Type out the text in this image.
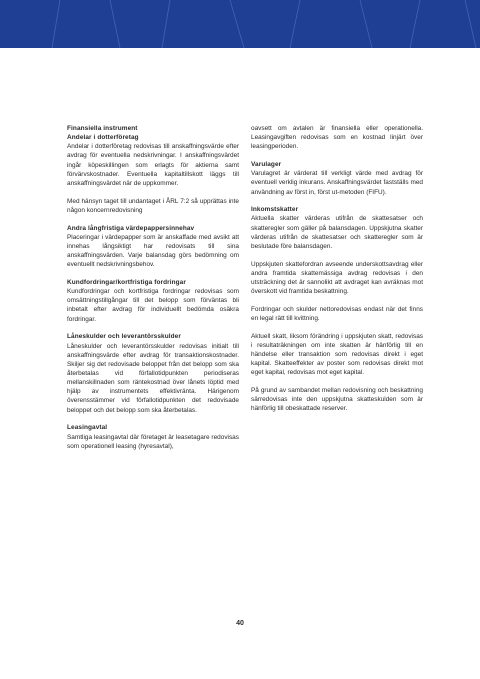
Finansiella instrument
Andelar i dotterföretag

Andelar i dotterföretag redovisas till anskaffningsvärde efter avdrag för eventuella nedskrivningar. I anskaffningsvärdet ingår köpeskillingen som erlagts för aktierna samt förvärvskostnader. Eventuella kapitaltillskott läggs till anskaffningsvärdet när de uppkommer.

Med hänsyn taget till undantaget i ÅRL 7:2 så upprättas inte någon koncernredovisning

Andra långfristiga värdepappersinnehav

Placeringar i värdepapper som är anskaffade med avsikt att innehas långsiktigt har redovisats till sina anskaffningsvärden. Varje balansdag görs bedömning om eventuellt nedskrivningsbehov.

Kundfordringar/kortfristiga fordringar

Kundfordringar och kortfristiga fordringar redovisas som omsättningstillgångar till det belopp som förväntas bli inbetalt efter avdrag för individuellt bedömda osäkra fordringar.

Låneskulder och leverantörsskulder

Låneskulder och leverantörsskulder redovisas initialt till anskaffningsvärde efter avdrag för transaktionskostnader. Skiljer sig det redovisade beloppet från det belopp som ska återbetalas vid förfallotidpunkten periodiseras mellanskillnaden som räntekostnad över lånets löptid med hjälp av instrumentets effektivränta. Härigenom överensstämmer vid förfallotidpunkten det redovisade beloppet och det belopp som ska återbetalas.

Leasingavtal

Samtliga leasingavtal där företaget är leasetagare redovisas som operationell leasing (hyresavtal),

oavsett om avtalen är finansiella eller operationella. Leasingavgiften redovisas som en kostnad linjärt över leasingperioden.

Varulager

Varulagret är värderat till verkligt värde med avdrag för eventuell verklig inkurans. Anskaffningsvärdet fastställs med användning av först in, först ut-metoden (FIFU).

Inkomstskatter

Aktuella skatter värderas utifrån de skattesatser och skatteregler som gäller på balansdagen. Uppskjutna skatter värderas utifrån de skattesatser och skatteregler som är beslutade före balansdagen.

Uppskjuten skattefordran avseende underskottsavdrag eller andra framtida skattemässiga avdrag redovisas i den utsträckning det är sannolikt att avdraget kan avräknas mot överskott vid framtida beskattning.

Fordringar och skulder nettoredovisas endast när det finns en legal rätt till kvittning.

Aktuell skatt, liksom förändring i uppskjuten skatt, redovisas i resultaträkningen om inte skatten är hänförlig till en händelse eller transaktion som redovisas direkt i eget kapital. Skatteeffekter av poster som redovisas direkt mot eget kapital, redovisas mot eget kapital.

På grund av sambandet mellan redovisning och beskattning särredovisas inte den uppskjutna skatteskulden som är hänförlig till obeskattade reserver.

40
